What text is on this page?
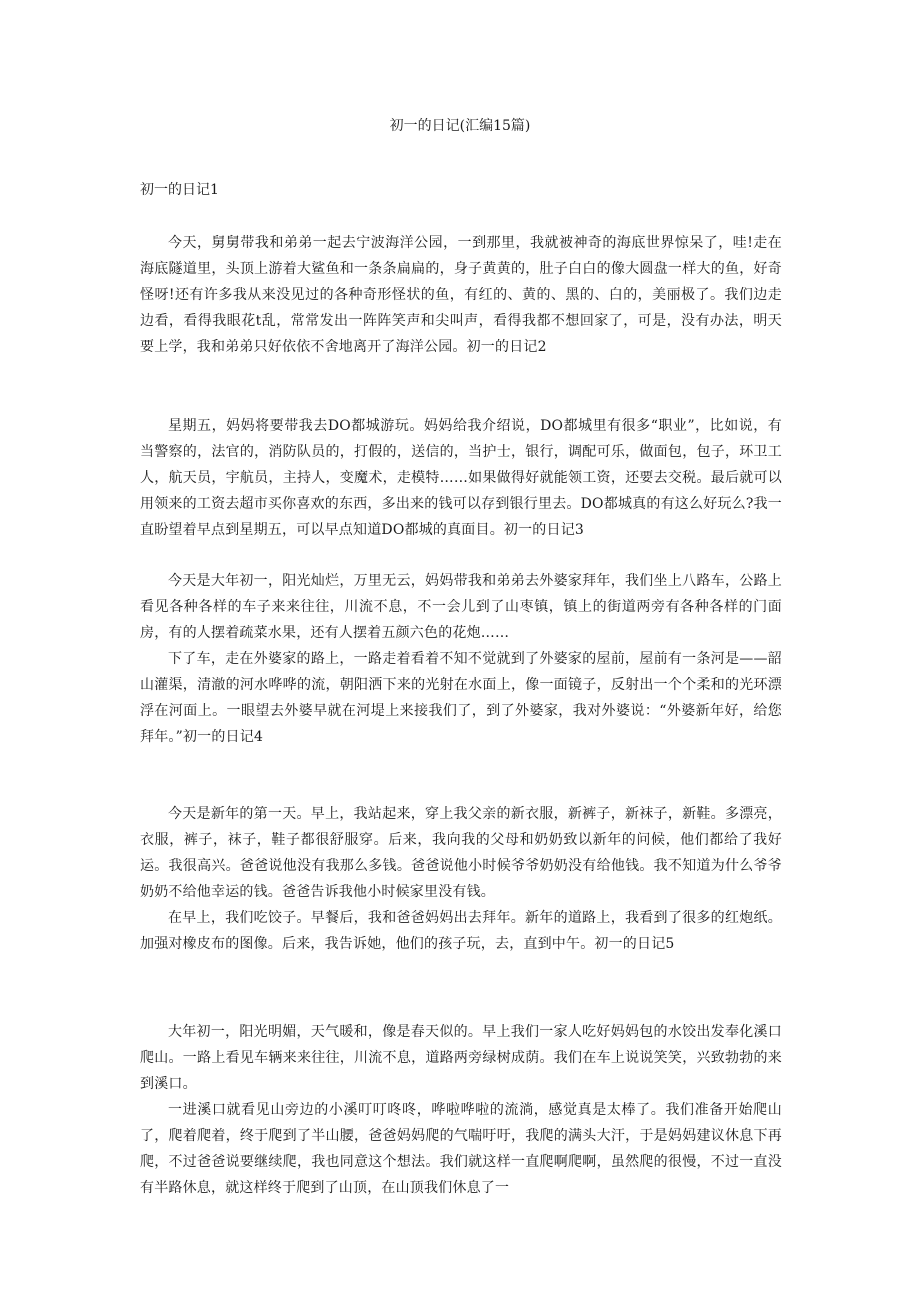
初一的日记(汇编15篇)

初一的日记1

今天，舅舅带我和弟弟一起去宁波海洋公园，一到那里，我就被神奇的海底世界惊呆了，哇!走在海底隧道里，头顶上游着大鲨鱼和一条条扁扁的，身子黄黄的，肚子白白的像大圆盘一样大的鱼，好奇怪呀!还有许多我从来没见过的各种奇形怪状的鱼，有红的、黄的、黑的、白的，美丽极了。我们边走边看，看得我眼花t乱，常常发出一阵阵笑声和尖叫声，看得我都不想回家了，可是，没有办法，明天要上学，我和弟弟只好依依不舍地离开了海洋公园。初一的日记2

星期五，妈妈将要带我去DO都城游玩。妈妈给我介绍说，DO都城里有很多“职业”，比如说，有当警察的，法官的，消防队员的，打假的，送信的，当护士，银行，调配可乐，做面包，包子，环卫工人，航天员，宇航员，主持人，变魔术，走模特……如果做得好就能领工资，还要去交税。最后就可以用领来的工资去超市买你喜欢的东西，多出来的钱可以存到银行里去。DO都城真的有这么好玩么?我一直盼望着早点到星期五，可以早点知道DO都城的真面目。初一的日记3

今天是大年初一，阳光灿烂，万里无云，妈妈带我和弟弟去外婆家拜年，我们坐上八路车，公路上看见各种各样的车子来来往往，川流不息，不一会儿到了山枣镇，镇上的街道两旁有各种各样的门面房，有的人摆着疏菜水果，还有人摆着五颜六色的花炮……

下了车，走在外婆家的路上，一路走着看着不知不觉就到了外婆家的屋前，屋前有一条河是——韶山灌渠，清澈的河水哗哗的流，朝阳洒下来的光射在水面上，像一面镜子，反射出一个个柔和的光环漂浮在河面上。一眼望去外婆早就在河堤上来接我们了，到了外婆家，我对外婆说：“外婆新年好，给您拜年。”初一的日记4

今天是新年的第一天。早上，我站起来，穿上我父亲的新衣服，新裤子，新袜子，新鞋。多漂亮，衣服，裤子，袜子，鞋子都很舒服穿。后来，我向我的父母和奶奶致以新年的问候，他们都给了我好运。我很高兴。爸爸说他没有我那么多钱。爸爸说他小时候爷爷奶奶没有给他钱。我不知道为什么爷爷奶奶不给他幸运的钱。爸爸告诉我他小时候家里没有钱。

在早上，我们吃饺子。早餐后，我和爸爸妈妈出去拜年。新年的道路上，我看到了很多的红炮纸。加强对橡皮布的图像。后来，我告诉她，他们的孩子玩，去，直到中午。初一的日记5

大年初一，阳光明媚，天气暖和，像是春天似的。早上我们一家人吃好妈妈包的水饺出发奉化溪口爬山。一路上看见车辆来来往往，川流不息，道路两旁绿树成荫。我们在车上说说笑笑，兴致勃勃的来到溪口。

一进溪口就看见山旁边的小溪叮叮咚咚，哗啦哗啦的流淌，感觉真是太棒了。我们准备开始爬山了，爬着爬着，终于爬到了半山腰，爸爸妈妈爬的气喘吁吁，我爬的满头大汗，于是妈妈建议休息下再爬，不过爸爸说要继续爬，我也同意这个想法。我们就这样一直爬啊爬啊，虽然爬的很慢，不过一直没有半路休息，就这样终于爬到了山顶，在山顶我们休息了一
